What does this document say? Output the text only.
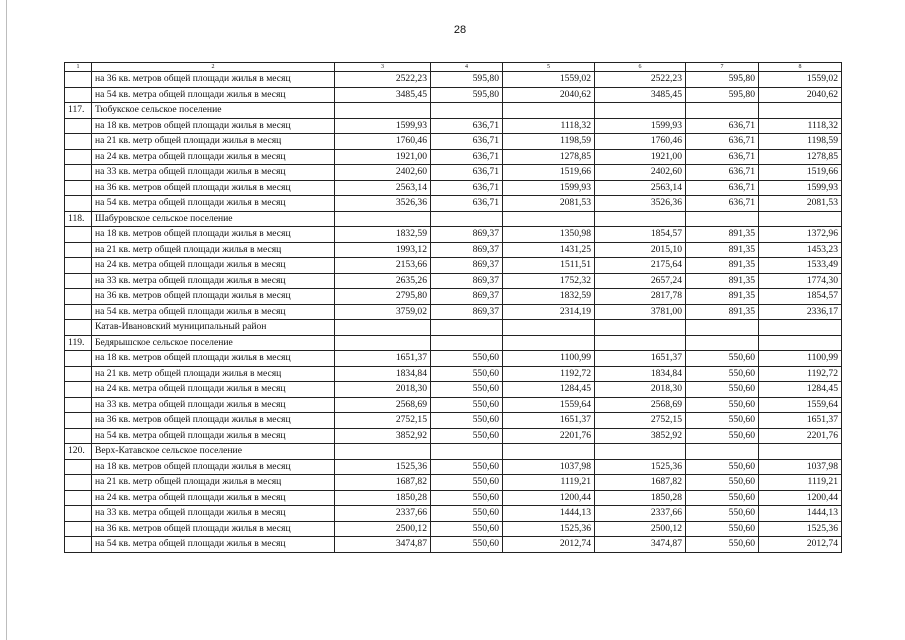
28
1	2	3	4	5	6	7	8
	на 36 кв. метров общей площади жилья в месяц	2522,23	595,80	1559,02	2522,23	595,80	1559,02
	на 54 кв. метра общей площади жилья в месяц	3485,45	595,80	2040,62	3485,45	595,80	2040,62
117.	Тюбукское сельское поселение						
	на 18 кв. метров общей площади жилья в месяц	1599,93	636,71	1118,32	1599,93	636,71	1118,32
	на 21 кв. метр общей площади жилья в месяц	1760,46	636,71	1198,59	1760,46	636,71	1198,59
	на 24 кв. метра общей площади жилья в месяц	1921,00	636,71	1278,85	1921,00	636,71	1278,85
	на 33 кв. метра общей площади жилья в месяц	2402,60	636,71	1519,66	2402,60	636,71	1519,66
	на 36 кв. метров общей площади жилья в месяц	2563,14	636,71	1599,93	2563,14	636,71	1599,93
	на 54 кв. метра общей площади жилья в месяц	3526,36	636,71	2081,53	3526,36	636,71	2081,53
118.	Шабуровское сельское поселение						
	на 18 кв. метров общей площади жилья в месяц	1832,59	869,37	1350,98	1854,57	891,35	1372,96
	на 21 кв. метр общей площади жилья в месяц	1993,12	869,37	1431,25	2015,10	891,35	1453,23
	на 24 кв. метра общей площади жилья в месяц	2153,66	869,37	1511,51	2175,64	891,35	1533,49
	на 33 кв. метра общей площади жилья в месяц	2635,26	869,37	1752,32	2657,24	891,35	1774,30
	на 36 кв. метров общей площади жилья в месяц	2795,80	869,37	1832,59	2817,78	891,35	1854,57
	на 54 кв. метра общей площади жилья в месяц	3759,02	869,37	2314,19	3781,00	891,35	2336,17
	Катав-Ивановский муниципальный район						
119.	Бедярышское сельское поселение						
	на 18 кв. метров общей площади жилья в месяц	1651,37	550,60	1100,99	1651,37	550,60	1100,99
	на 21 кв. метр общей площади жилья в месяц	1834,84	550,60	1192,72	1834,84	550,60	1192,72
	на 24 кв. метра общей площади жилья в месяц	2018,30	550,60	1284,45	2018,30	550,60	1284,45
	на 33 кв. метра общей площади жилья в месяц	2568,69	550,60	1559,64	2568,69	550,60	1559,64
	на 36 кв. метров общей площади жилья в месяц	2752,15	550,60	1651,37	2752,15	550,60	1651,37
	на 54 кв. метра общей площади жилья в месяц	3852,92	550,60	2201,76	3852,92	550,60	2201,76
120.	Верх-Катавское сельское поселение						
	на 18 кв. метров общей площади жилья в месяц	1525,36	550,60	1037,98	1525,36	550,60	1037,98
	на 21 кв. метр общей площади жилья в месяц	1687,82	550,60	1119,21	1687,82	550,60	1119,21
	на 24 кв. метра общей площади жилья в месяц	1850,28	550,60	1200,44	1850,28	550,60	1200,44
	на 33 кв. метра общей площади жилья в месяц	2337,66	550,60	1444,13	2337,66	550,60	1444,13
	на 36 кв. метров общей площади жилья в месяц	2500,12	550,60	1525,36	2500,12	550,60	1525,36
	на 54 кв. метра общей площади жилья в месяц	3474,87	550,60	2012,74	3474,87	550,60	2012,74
